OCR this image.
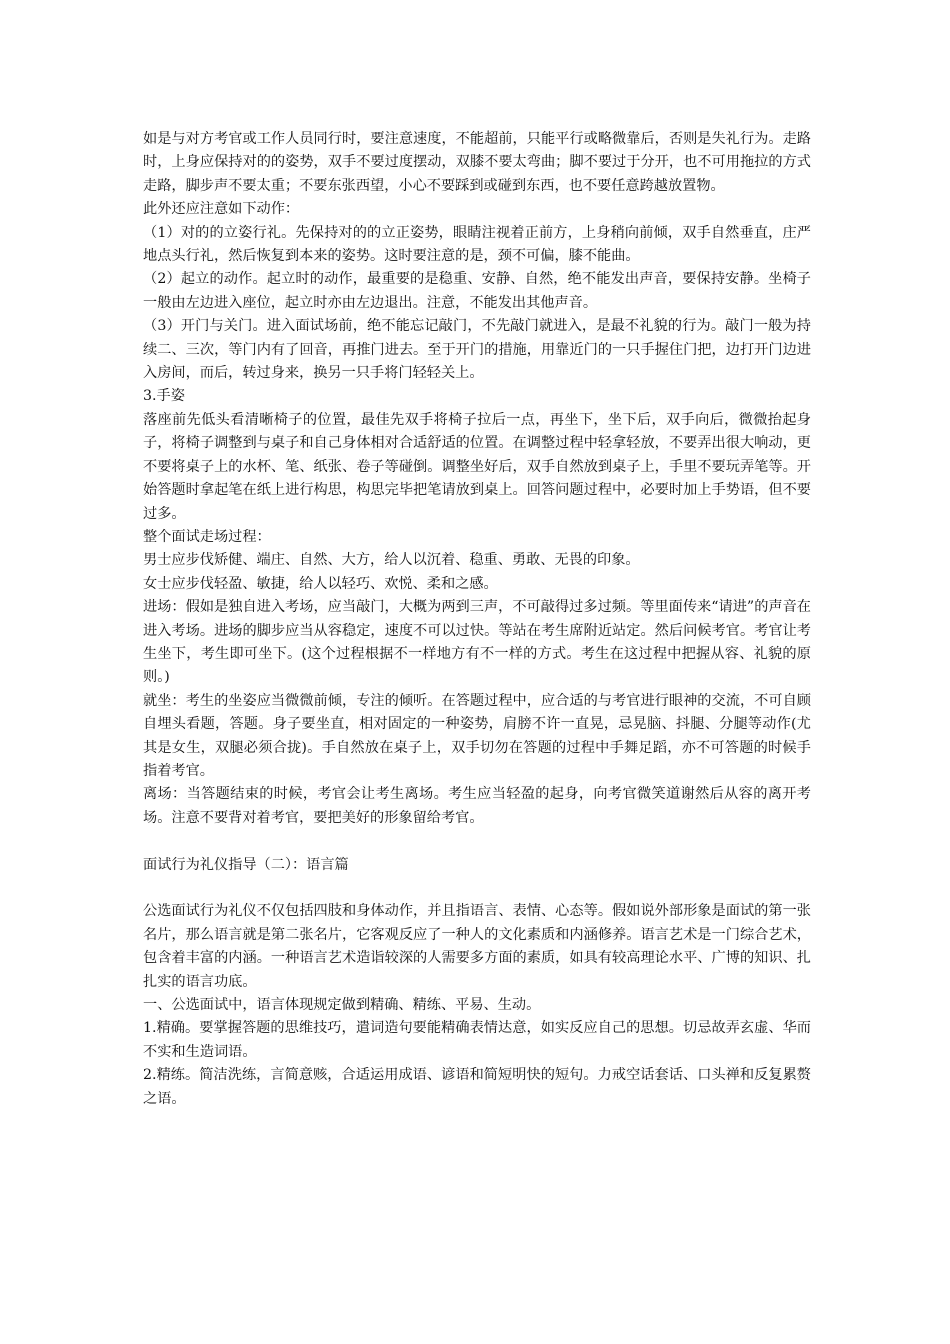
如是与对方考官或工作人员同行时，要注意速度，不能超前，只能平行或略微靠后，否则是失礼行为。走路时，上身应保持对的的姿势，双手不要过度摆动，双膝不要太弯曲；脚不要过于分开，也不可用拖拉的方式走路，脚步声不要太重；不要东张西望，小心不要踩到或碰到东西，也不要任意跨越放置物。

此外还应注意如下动作：

（1）对的的立姿行礼。先保持对的的立正姿势，眼睛注视着正前方，上身稍向前倾，双手自然垂直，庄严地点头行礼，然后恢复到本来的姿势。这时要注意的是，颈不可偏，膝不能曲。

（2）起立的动作。起立时的动作，最重要的是稳重、安静、自然，绝不能发出声音，要保持安静。坐椅子一般由左边进入座位，起立时亦由左边退出。注意，不能发出其他声音。

（3）开门与关门。进入面试场前，绝不能忘记敲门，不先敲门就进入，是最不礼貌的行为。敲门一般为持续二、三次，等门内有了回音，再推门进去。至于开门的措施，用靠近门的一只手握住门把，边打开门边进入房间，而后，转过身来，换另一只手将门轻轻关上。

3.手姿

落座前先低头看清晰椅子的位置，最佳先双手将椅子拉后一点，再坐下，坐下后，双手向后，微微抬起身子，将椅子调整到与桌子和自己身体相对合适舒适的位置。在调整过程中轻拿轻放，不要弄出很大响动，更不要将桌子上的水杯、笔、纸张、卷子等碰倒。调整坐好后，双手自然放到桌子上，手里不要玩弄笔等。开始答题时拿起笔在纸上进行构思，构思完毕把笔请放到桌上。回答问题过程中，必要时加上手势语，但不要过多。

整个面试走场过程：

男士应步伐矫健、端庄、自然、大方，给人以沉着、稳重、勇敢、无畏的印象。

女士应步伐轻盈、敏捷，给人以轻巧、欢悦、柔和之感。

进场：假如是独自进入考场，应当敲门，大概为两到三声，不可敲得过多过频。等里面传来“请进”的声音在进入考场。进场的脚步应当从容稳定，速度不可以过快。等站在考生席附近站定。然后问候考官。考官让考生坐下，考生即可坐下。(这个过程根据不一样地方有不一样的方式。考生在这过程中把握从容、礼貌的原则。)

就坐：考生的坐姿应当微微前倾，专注的倾听。在答题过程中，应合适的与考官进行眼神的交流，不可自顾自埋头看题，答题。身子要坐直，相对固定的一种姿势，肩膀不许一直晃，忌晃脑、抖腿、分腿等动作(尤其是女生，双腿必须合拢)。手自然放在桌子上，双手切勿在答题的过程中手舞足蹈，亦不可答题的时候手指着考官。

离场：当答题结束的时候，考官会让考生离场。考生应当轻盈的起身，向考官微笑道谢然后从容的离开考场。注意不要背对着考官，要把美好的形象留给考官。

面试行为礼仪指导（二）：语言篇

公选面试行为礼仪不仅包括四肢和身体动作，并且指语言、表情、心态等。假如说外部形象是面试的第一张名片，那么语言就是第二张名片，它客观反应了一种人的文化素质和内涵修养。语言艺术是一门综合艺术，包含着丰富的内涵。一种语言艺术造诣较深的人需要多方面的素质，如具有较高理论水平、广博的知识、扎扎实的语言功底。

一、公选面试中，语言体现规定做到精确、精练、平易、生动。

1.精确。要掌握答题的思维技巧，遣词造句要能精确表情达意，如实反应自己的思想。切忌故弄玄虚、华而不实和生造词语。

2.精练。简洁洗练，言简意赅，合适运用成语、谚语和简短明快的短句。力戒空话套话、口头禅和反复累赘之语。
